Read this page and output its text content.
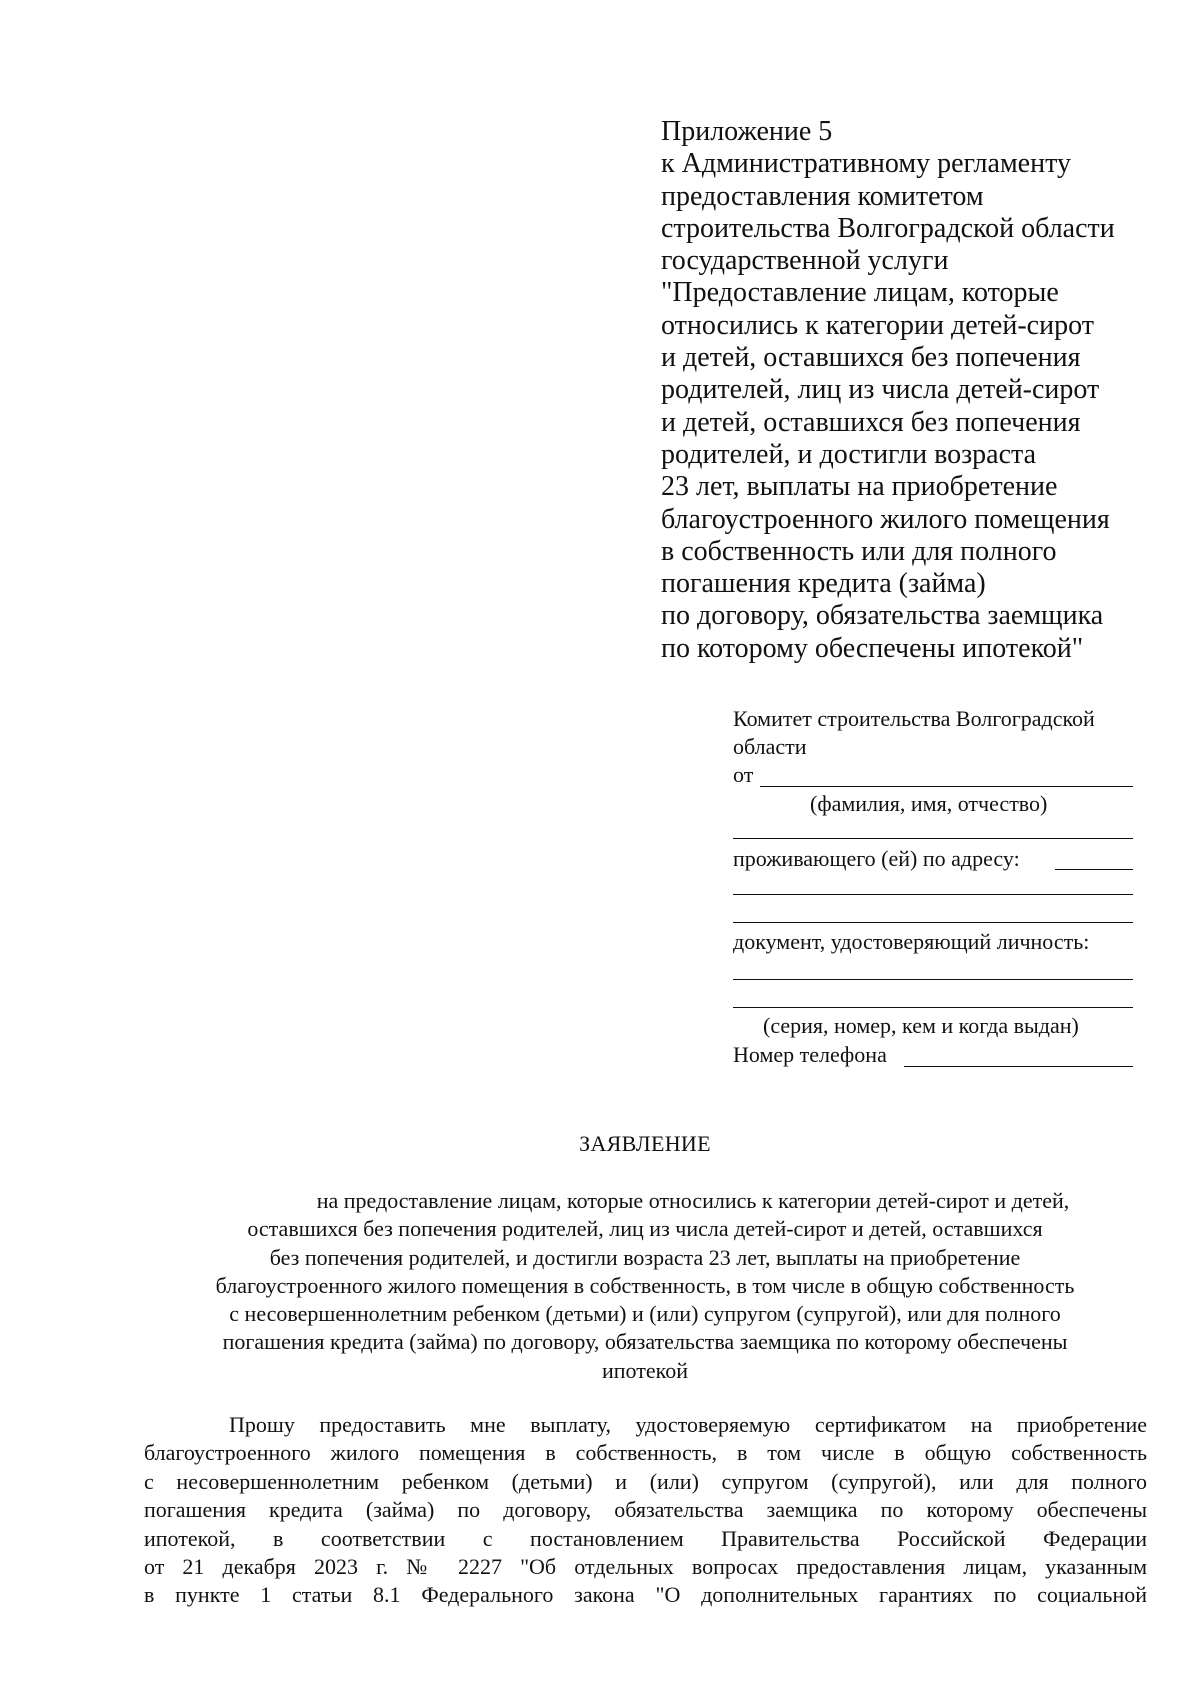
Приложение 5
к Административному регламенту
предоставления комитетом
строительства Волгоградской области
государственной услуги
"Предоставление лицам, которые
относились к категории детей-сирот
и детей, оставшихся без попечения
родителей, лиц из числа детей-сирот
и детей, оставшихся без попечения
родителей, и достигли возраста
23 лет, выплаты на приобретение
благоустроенного жилого помещения
в собственность или для полного
погашения кредита (займа)
по договору, обязательства заемщика
по которому обеспечены ипотекой"
Комитет строительства Волгоградской
области
от
(фамилия, имя, отчество)
проживающего (ей) по адресу:
документ, удостоверяющий личность:
(серия, номер, кем и когда выдан)
Номер телефона
ЗАЯВЛЕНИЕ
на предоставление лицам, которые относились к категории детей-сирот и детей,
оставшихся без попечения родителей, лиц из числа детей-сирот и детей, оставшихся
без попечения родителей, и достигли возраста 23 лет, выплаты на приобретение
благоустроенного жилого помещения в собственность, в том числе в общую собственность
с несовершеннолетним ребенком (детьми) и (или) супругом (супругой), или для полного
погашения кредита (займа) по договору, обязательства заемщика по которому обеспечены
ипотекой
Прошу предоставить мне выплату, удостоверяемую сертификатом на приобретение
благоустроенного жилого помещения в собственность, в том числе в общую собственность
с несовершеннолетним ребенком (детьми) и (или) супругом (супругой), или для полного
погашения кредита (займа) по договору, обязательства заемщика по которому обеспечены
ипотекой, в соответствии с постановлением Правительства Российской Федерации
от 21 декабря 2023 г. № 2227 "Об отдельных вопросах предоставления лицам, указанным
в пункте 1 статьи 8.1 Федерального закона "О дополнительных гарантиях по социальной
